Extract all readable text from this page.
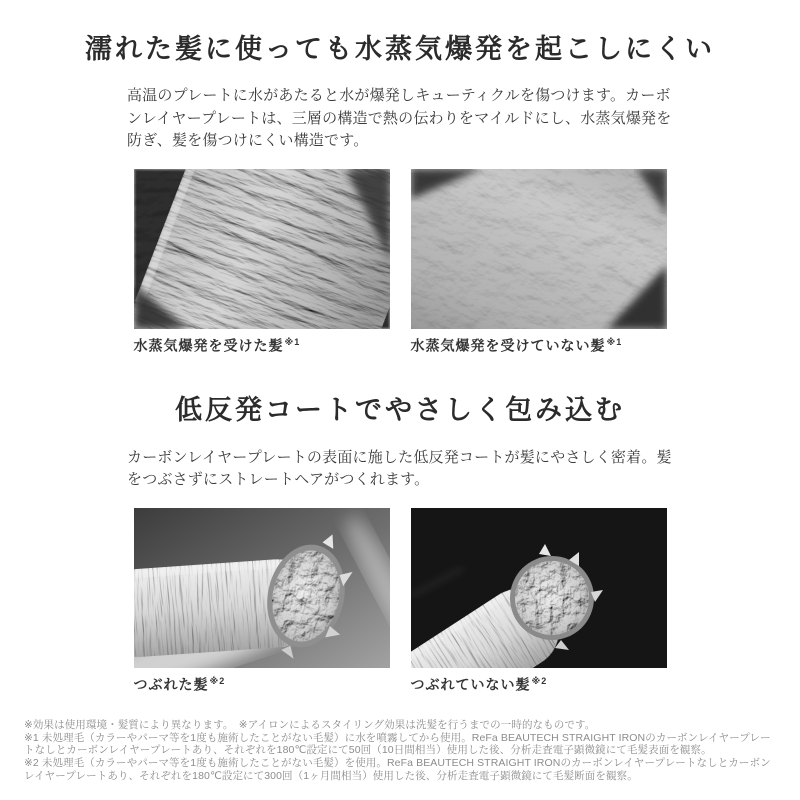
濡れた髪に使っても水蒸気爆発を起こしにくい

高温のプレートに水があたると水が爆発しキューティクルを傷つけます。カーボンレイヤープレートは、三層の構造で熱の伝わりをマイルドにし、水蒸気爆発を防ぎ、髪を傷つけにくい構造です。

水蒸気爆発を受けた髪$^{※1}$	水蒸気爆発を受けていない髪$^{※1}$
低反発コートでやさしく包み込む

カーボンレイヤープレートの表面に施した低反発コートが髪にやさしく密着。髪をつぶさずにストレートヘアがつくれます。

つぶれた髪$^{※2}$	つぶれていない髪$^{※2}$

※効果は使用環境・髪質により異なります。　※アイロンによるスタイリング効果は洗髪を行うまでの一時的なものです。

※1 未処理毛（カラーやパーマ等を1度も施術したことがない毛髪）に水を噴霧してから使用。ReFa BEAUTECH STRAIGHT IRONのカーボンレイヤープレートなしとカーボンレイヤープレートあり、それぞれを180℃設定にて50回（10日間相当）使用した後、分析走査電子顕微鏡にて毛髪表面を観察。

※2 未処理毛（カラーやパーマ等を1度も施術したことがない毛髪）を使用。ReFa BEAUTECH STRAIGHT IRONのカーボンレイヤープレートなしとカーボンレイヤープレートあり、それぞれを180℃設定にて300回（1ヶ月間相当）使用した後、分析走査電子顕微鏡にて毛髪断面を観察。
